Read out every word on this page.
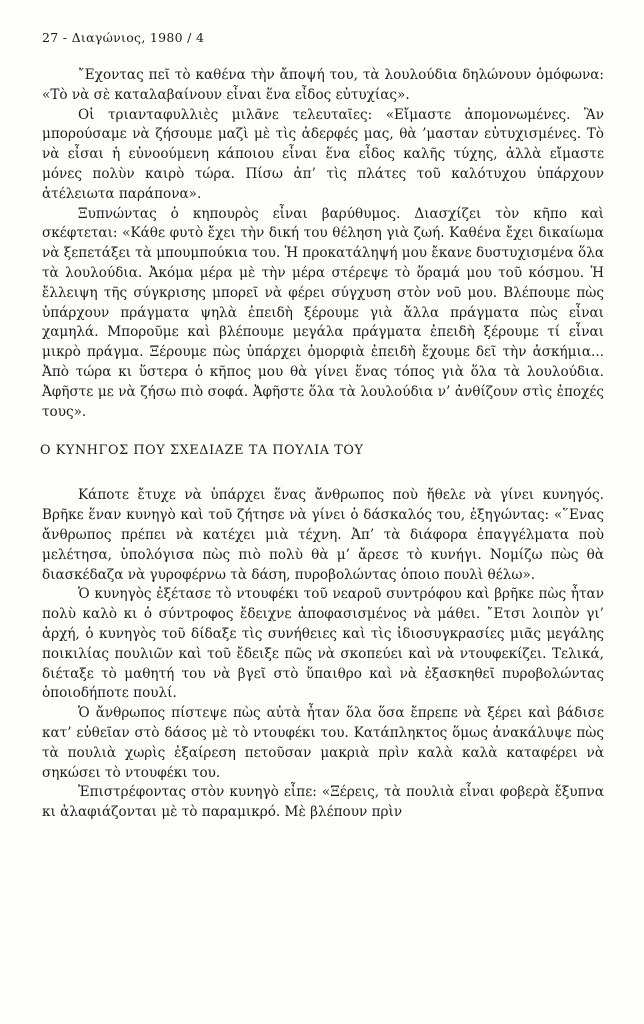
27 - Διαγώνιος, 1980 / 4

῎Εχοντας πεῖ τὸ καθένα τὴν ἄποψή του, τὰ λουλούδια δηλώνουν ὁμόφωνα: «Τὸ νὰ σὲ καταλαβαίνουν εἶναι ἕνα εἶδος εὐτυχίας».

Οἱ τριανταφυλλιὲς μιλᾶνε τελευταῖες: «Εἴμαστε ἀπομονωμένες. Ἂν μπορούσαμε νὰ ζήσουμε μαζὶ μὲ τὶς ἀδερφές μας, θὰ ’μασταν εὐτυχισμένες. Τὸ νὰ εἶσαι ἡ εὐνοούμενη κάποιου εἶναι ἕνα εἶδος καλῆς τύχης, ἀλλὰ εἴμαστε μόνες πολὺν καιρὸ τώρα. Πίσω ἀπ’ τὶς πλάτες τοῦ καλότυχου ὑπάρχουν ἀτέλειωτα παράπονα».

Ξυπνώντας ὁ κηπουρὸς εἶναι βαρύθυμος. Διασχίζει τὸν κῆπο καὶ σκέφτεται: «Κάθε φυτὸ ἔχει τὴν δική του θέληση γιὰ ζωή. Καθένα ἔχει δικαίωμα νὰ ξεπετάξει τὰ μπουμπούκια του. Ἡ προκατάληψή μου ἔκανε δυστυχισμένα ὅλα τὰ λουλούδια. Ἀκόμα μέρα μὲ τὴν μέρα στέρεψε τὸ ὅραμά μου τοῦ κόσμου. Ἡ ἔλλειψη τῆς σύγκρισης μπορεῖ νὰ φέρει σύγχυση στὸν νοῦ μου. Βλέπουμε πὼς ὑπάρχουν πράγματα ψηλὰ ἐπειδὴ ξέρουμε γιὰ ἄλλα πράγματα πὼς εἶναι χαμηλά. Μποροῦμε καὶ βλέπουμε μεγάλα πράγματα ἐπειδὴ ξέρουμε τί εἶναι μικρὸ πράγμα. Ξέρουμε πὼς ὑπάρχει ὀμορφιὰ ἐπειδὴ ἔχουμε δεῖ τὴν ἀσκήμια... Ἀπὸ τώρα κι ὕστερα ὁ κῆπος μου θὰ γίνει ἕνας τόπος γιὰ ὅλα τὰ λουλούδια. Ἀφῆστε με νὰ ζήσω πιὸ σοφά. Ἀφῆστε ὅλα τὰ λουλούδια ν’ ἀνθίζουν στὶς ἐποχές τους».

Ο ΚΥΝΗΓΟΣ ΠΟΥ ΣΧΕΔΙΑΖΕ ΤΑ ΠΟΥΛΙΑ ΤΟΥ

Κάποτε ἔτυχε νὰ ὑπάρχει ἕνας ἄνθρωπος ποὺ ἤθελε νὰ γίνει κυνηγός. Βρῆκε ἕναν κυνηγὸ καὶ τοῦ ζήτησε νὰ γίνει ὁ δάσκαλός του, ἐξηγώντας: «῞Ενας ἄνθρωπος πρέπει νὰ κατέχει μιὰ τέχνη. Ἀπ’ τὰ διάφορα ἐπαγγέλματα ποὺ μελέτησα, ὑπολόγισα πὼς πιὸ πολὺ θὰ μ’ ἄρεσε τὸ κυνήγι. Νομίζω πὼς θὰ διασκέδαζα νὰ γυροφέρνω τὰ δάση, πυροβολώντας ὁποιο πουλὶ θέλω».

Ὁ κυνηγὸς ἐξέτασε τὸ ντουφέκι τοῦ νεαροῦ συντρόφου καὶ βρῆκε πὼς ἦταν πολὺ καλὸ κι ὁ σύντροφος ἔδειχνε ἀποφασισμένος νὰ μάθει. ῎Ετσι λοιπὸν γι’ ἀρχή, ὁ κυνηγὸς τοῦ δίδαξε τὶς συνήθειες καὶ τὶς ἰδιοσυγκρασίες μιᾶς μεγάλης ποικιλίας πουλιῶν καὶ τοῦ ἔδειξε πῶς νὰ σκοπεύει καὶ νὰ ντουφεκίζει. Τελικά, διέταξε τὸ μαθητή του νὰ βγεῖ στὸ ὕπαιθρο καὶ νὰ ἐξασκηθεῖ πυροβολώντας ὁποιοδήποτε πουλί.

Ὁ ἄνθρωπος πίστεψε πὼς αὐτὰ ἦταν ὅλα ὅσα ἔπρεπε νὰ ξέρει καὶ βάδισε κατ’ εὐθεῖαν στὸ δάσος μὲ τὸ ντουφέκι του. Κατάπληκτος ὅμως ἀνακάλυψε πὼς τὰ πουλιὰ χωρὶς ἐξαίρεση πετοῦσαν μακριὰ πρὶν καλὰ καλὰ καταφέρει νὰ σηκώσει τὸ ντουφέκι του.

Ἐπιστρέφοντας στὸν κυνηγὸ εἶπε: «Ξέρεις, τὰ πουλιὰ εἶναι φοβερὰ ἔξυπνα κι ἀλαφιάζονται μὲ τὸ παραμικρό. Μὲ βλέπουν πρὶν
